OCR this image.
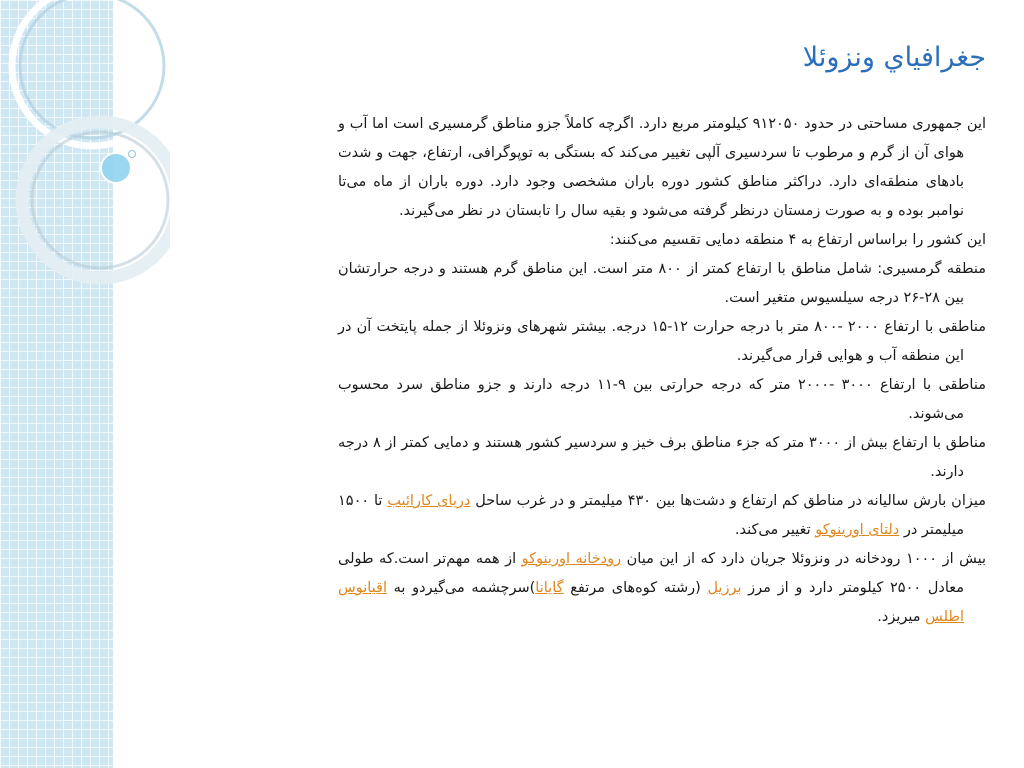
جغرافياي ونزوئلا

این جمهوری مساحتی در حدود ۹۱۲۰۵۰ کیلومتر مربع دارد. اگرچه کاملاً جزو مناطق گرمسیری است اما آب و هوای آن از گرم و مرطوب تا سردسیری آلپی تغییر می‌کند که بستگی به توپوگرافی، ارتفاع، جهت و شدت بادهای منطقه‌ای دارد. دراکثر مناطق کشور دوره باران مشخصی وجود دارد. دوره باران از ماه می‌تا نوامبر بوده و به صورت زمستان درنظر گرفته می‌شود و بقیه سال را تابستان در نظر می‌گیرند.

این کشور را براساس ارتفاع به ۴ منطقه دمایی تقسیم می‌کنند:

منطقه گرمسیری: شامل مناطق با ارتفاع کمتر از ۸۰۰ متر است. این مناطق گرم هستند و درجه حرارتشان بین ۲۸-۲۶ درجه سیلسیوس متغیر است.

مناطقی با ارتفاع ۲۰۰۰ -۸۰۰ متر با درجه حرارت ۱۲-۱۵ درجه. بیشتر شهرهای ونزوئلا از جمله پایتخت آن در این منطقه آب و هوایی قرار می‌گیرند.

مناطقی با ارتفاع ۳۰۰۰ -۲۰۰۰ متر که درجه حرارتی بین ۹-۱۱ درجه دارند و جزو مناطق سرد محسوب می‌شوند.

مناطق با ارتفاع بیش از ۳۰۰۰ متر که جزء مناطق برف خیز و سردسیر کشور هستند و دمایی کمتر از ۸ درجه دارند.

میزان بارش سالیانه در مناطق کم ارتفاع و دشت‌ها بین ۴۳۰ میلیمتر و در غرب ساحل دریای کارائیب تا ۱۵۰۰ میلیمتر در دلتای اورینوکو تغییر می‌کند.

بیش از ۱۰۰۰ رودخانه در ونزوئلا جریان دارد که از این میان رودخانه اورینوکو از همه مهم‌تر است.که طولی معادل ۲۵۰۰ کیلومتر دارد و از مرز برزیل (رشته کوه‌های مرتفع گایانا)سرچشمه می‌گیردو به اقیانوس اطلس میریزد.
